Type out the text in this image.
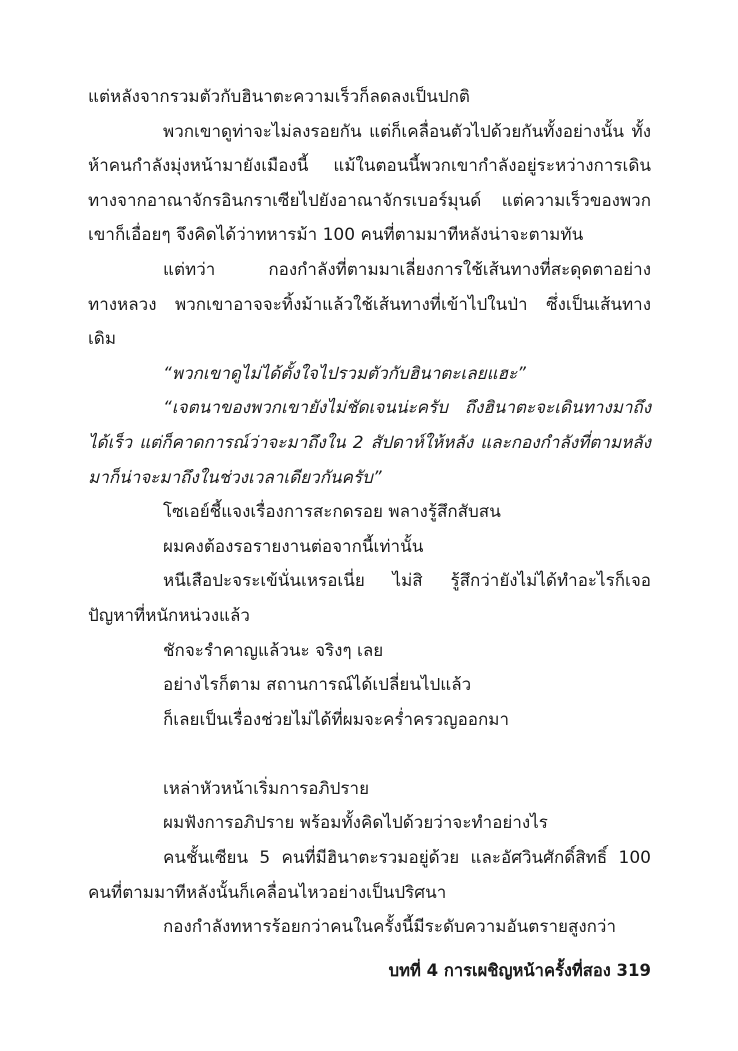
แต่หลังจากรวมตัวกับฮินาตะความเร็วก็ลดลงเป็นปกติ

พวกเขาดูท่าจะไม่ลงรอยกัน แต่ก็เคลื่อนตัวไปด้วยกันทั้งอย่างนั้น ทั้งห้าคนกำลังมุ่งหน้ามายังเมืองนี้ แม้ในตอนนี้พวกเขากำลังอยู่ระหว่างการเดินทางจากอาณาจักรอินกราเซียไปยังอาณาจักรเบอร์มุนด์ แต่ความเร็วของพวกเขาก็เอื่อยๆ จึงคิดได้ว่าทหารม้า 100 คนที่ตามมาทีหลังน่าจะตามทัน

แต่ทว่า กองกำลังที่ตามมาเลี่ยงการใช้เส้นทางที่สะดุดตาอย่างทางหลวง พวกเขาอาจจะทิ้งม้าแล้วใช้เส้นทางที่เข้าไปในป่า ซึ่งเป็นเส้นทางเดิม

“พวกเขาดูไม่ได้ตั้งใจไปรวมตัวกับฮินาตะเลยแฮะ”

“เจตนาของพวกเขายังไม่ชัดเจนน่ะครับ ถึงฮินาตะจะเดินทางมาถึงได้เร็ว แต่ก็คาดการณ์ว่าจะมาถึงใน 2 สัปดาห์ให้หลัง และกองกำลังที่ตามหลังมาก็น่าจะมาถึงในช่วงเวลาเดียวกันครับ”

โซเอย์ชี้แจงเรื่องการสะกดรอย พลางรู้สึกสับสน

ผมคงต้องรอรายงานต่อจากนี้เท่านั้น

หนีเสือปะจระเข้นั่นเหรอเนี่ย ไม่สิ รู้สึกว่ายังไม่ได้ทำอะไรก็เจอปัญหาที่หนักหน่วงแล้ว

ชักจะรำคาญแล้วนะ จริงๆ เลย

อย่างไรก็ตาม สถานการณ์ได้เปลี่ยนไปแล้ว

ก็เลยเป็นเรื่องช่วยไม่ได้ที่ผมจะคร่ำครวญออกมา

เหล่าหัวหน้าเริ่มการอภิปราย

ผมฟังการอภิปราย พร้อมทั้งคิดไปด้วยว่าจะทำอย่างไร

คนชั้นเซียน 5 คนที่มีฮินาตะรวมอยู่ด้วย และอัศวินศักดิ์สิทธิ์ 100 คนที่ตามมาทีหลังนั้นก็เคลื่อนไหวอย่างเป็นปริศนา

กองกำลังทหารร้อยกว่าคนในครั้งนี้มีระดับความอันตรายสูงกว่า

บทที่ 4 การเผชิญหน้าครั้งที่สอง 319
